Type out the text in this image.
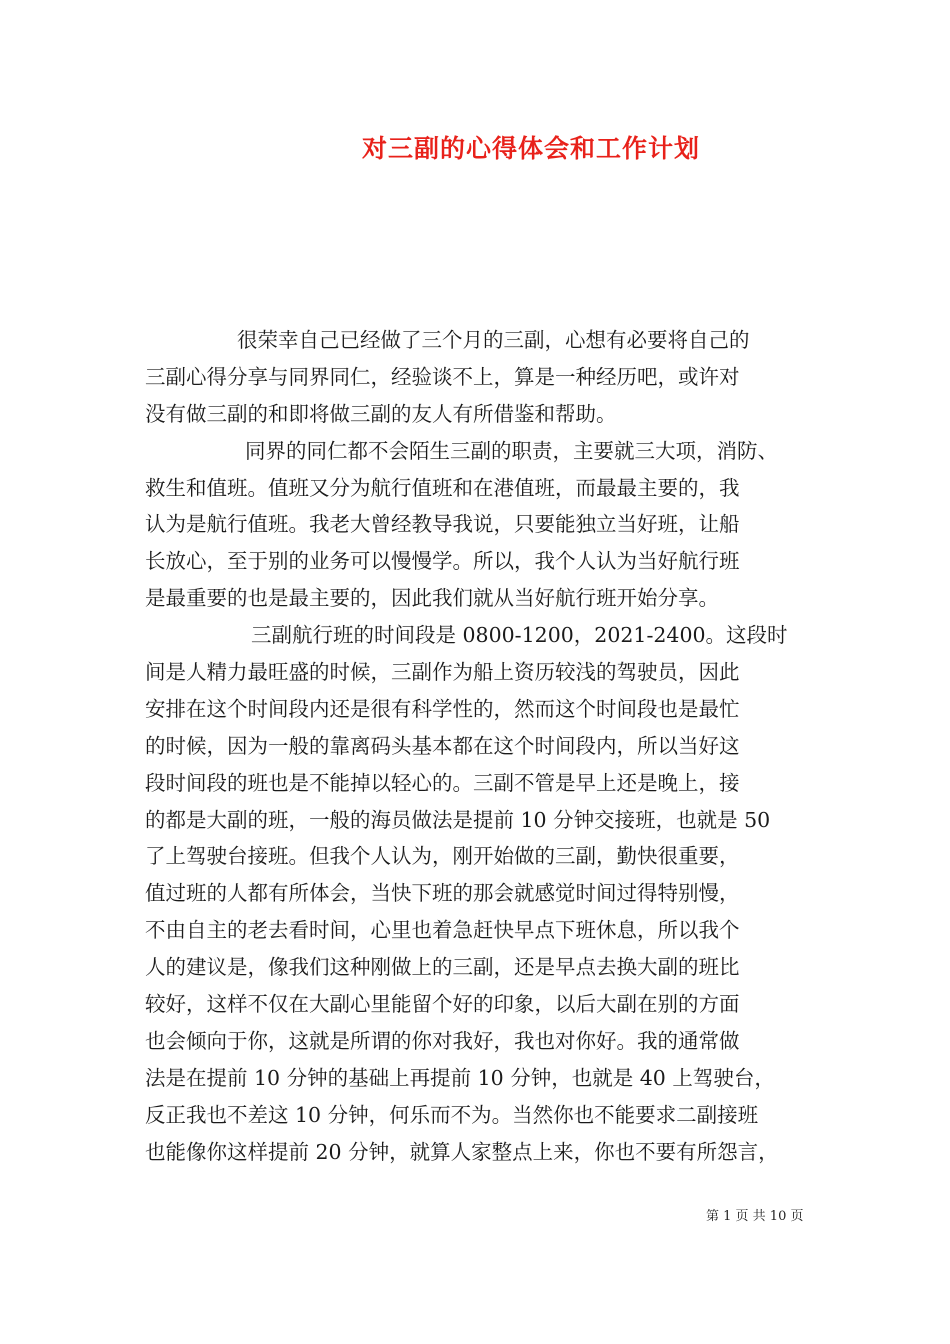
对三副的心得体会和工作计划
很荣幸自己已经做了三个月的三副，心想有必要将自己的
三副心得分享与同界同仁，经验谈不上，算是一种经历吧，或许对
没有做三副的和即将做三副的友人有所借鉴和帮助。
同界的同仁都不会陌生三副的职责，主要就三大项，消防、
救生和值班。值班又分为航行值班和在港值班，而最最主要的，我
认为是航行值班。我老大曾经教导我说，只要能独立当好班，让船
长放心，至于别的业务可以慢慢学。所以，我个人认为当好航行班
是最重要的也是最主要的，因此我们就从当好航行班开始分享。
三副航行班的时间段是 0800-1200，2021-2400。这段时
间是人精力最旺盛的时候，三副作为船上资历较浅的驾驶员，因此
安排在这个时间段内还是很有科学性的，然而这个时间段也是最忙
的时候，因为一般的靠离码头基本都在这个时间段内，所以当好这
段时间段的班也是不能掉以轻心的。三副不管是早上还是晚上，接
的都是大副的班，一般的海员做法是提前 10 分钟交接班，也就是 50
了上驾驶台接班。但我个人认为，刚开始做的三副，勤快很重要，
值过班的人都有所体会，当快下班的那会就感觉时间过得特别慢，
不由自主的老去看时间，心里也着急赶快早点下班休息，所以我个
人的建议是，像我们这种刚做上的三副，还是早点去换大副的班比
较好，这样不仅在大副心里能留个好的印象，以后大副在别的方面
也会倾向于你，这就是所谓的你对我好，我也对你好。我的通常做
法是在提前 10 分钟的基础上再提前 10 分钟，也就是 40 上驾驶台，
反正我也不差这 10 分钟，何乐而不为。当然你也不能要求二副接班
也能像你这样提前 20 分钟，就算人家整点上来，你也不要有所怨言，
第 1 页 共 10 页
